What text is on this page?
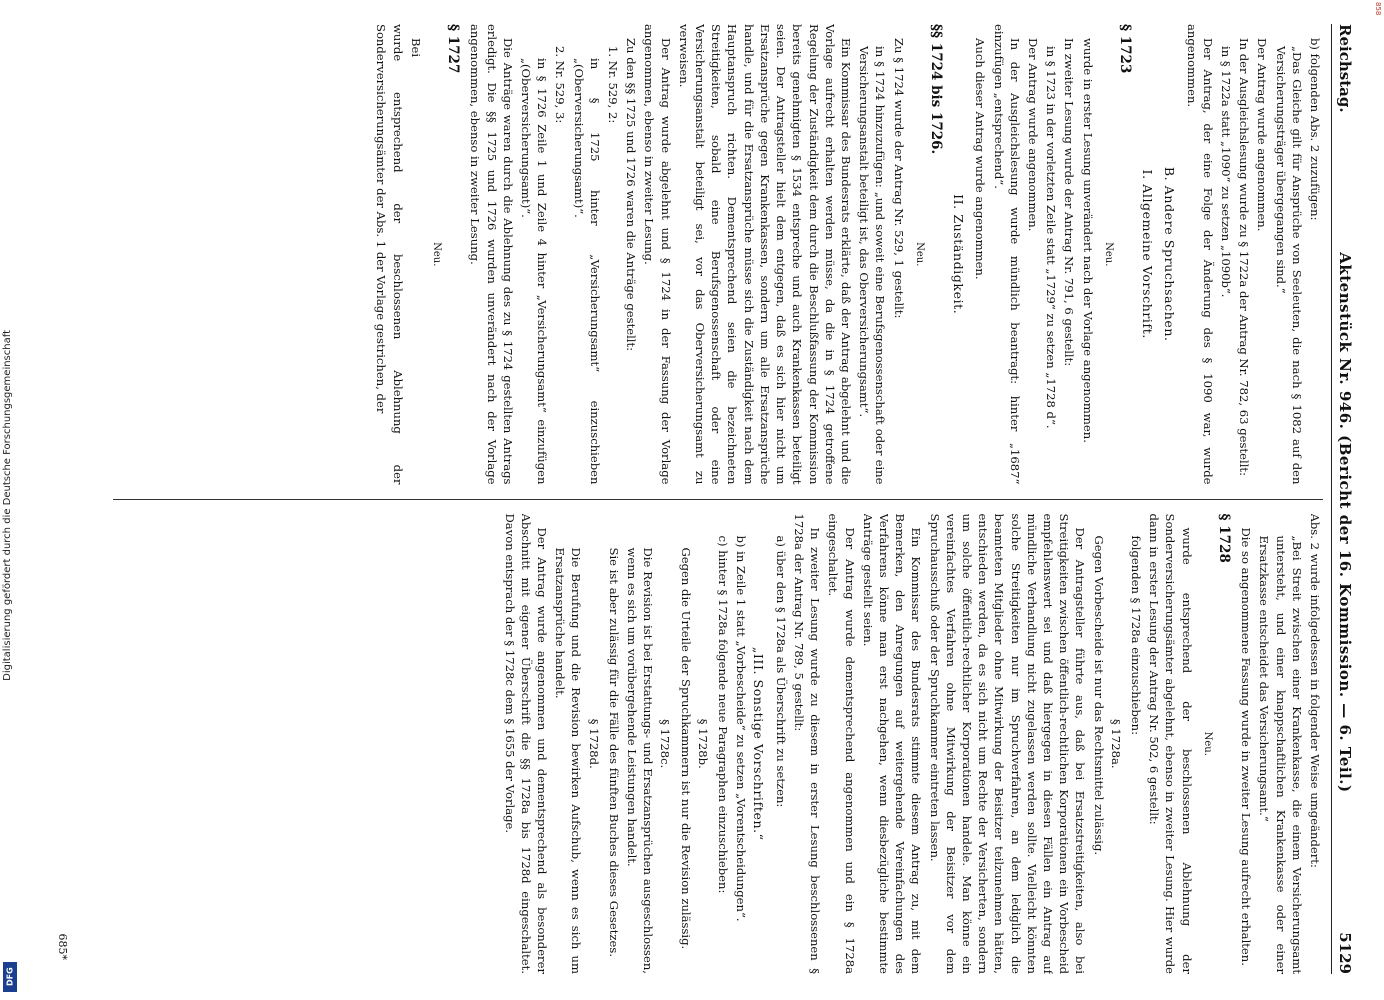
Reichstag.
Aktenstück Nr. 946. (Bericht der 16. Kommission. — 6. Teil.)
5129

b) folgenden Abs. 2 zuzufügen:

„Das Gleiche gilt für Ansprüche von Seeleuten, die nach § 1082 auf den Versicherungsträger übergegangen sind.“

Der Antrag wurde angenommen.

In der Ausgleichslesung wurde zu § 1722a der Antrag Nr. 782, 63 gestellt:

in § 1722a statt „1090“ zu setzen „1090b“.

Der Antrag, der eine Folge der Änderung des § 1090 war, wurde angenommen.

B. Andere Spruchsachen.
I. Allgemeine Vorschrift.
§ 1723
Neu.

wurde in erster Lesung unverändert nach der Vorlage angenommen.

In zweiter Lesung wurde der Antrag Nr. 791, 6 gestellt:

in § 1723 in der vorletzten Zeile statt „1729“ zu setzen „1728 d“.

Der Antrag wurde angenommen.

In der Ausgleichslesung wurde mündlich beantragt: hinter „1687“ einzufügen „entsprechend“.

Auch dieser Antrag wurde angenommen.

II. Zuständigkeit.
§§ 1724 bis 1726.
Neu.

Zu § 1724 wurde der Antrag Nr. 529, 1 gestellt:

in § 1724 hinzuzufügen: „und soweit eine Berufsgenossenschaft oder eine Versicherungsanstalt beteiligt ist, das Oberversicherungsamt“.

Ein Kommissar des Bundesrats erklärte, daß der Antrag abgelehnt und die Vorlage aufrecht erhalten werden müsse, da die in § 1724 getroffene Regelung der Zuständigkeit dem durch die Beschlußfassung der Kommission bereits genehmigten § 1534 entspreche und auch Krankenkassen beteiligt seien. Der Antragsteller hielt dem entgegen, daß es sich hier nicht um Ersatzansprüche gegen Krankenkassen, sondern um alle Ersatzansprüche handle, und für die Ersatzansprüche müsse sich die Zuständigkeit nach dem Hauptanspruch richten. Dementsprechend seien die bezeichneten Streitigkeiten, sobald eine Berufsgenossenschaft oder eine Versicherungsanstalt beteiligt sei, vor das Oberversicherungsamt zu verweisen.

Der Antrag wurde abgelehnt und § 1724 in der Fassung der Vorlage angenommen, ebenso in zweiter Lesung.

Zu den §§ 1725 und 1726 waren die Anträge gestellt:

1. Nr. 529, 2:

in § 1725 hinter „Versicherungsamt“ einzuschieben „(Oberversicherungsamt)“.

2. Nr. 529, 3:

in § 1726 Zeile 1 und Zeile 4 hinter „Versicherungsamt“ einzufügen „(Oberversicherungsamt)“.

Die Anträge waren durch die Ablehnung des zu § 1724 gestellten Antrags erledigt. Die §§ 1725 und 1726 wurden unverändert nach der Vorlage angenommen, ebenso in zweiter Lesung.

§ 1727
Neu.

Bei

wurde entsprechend der beschlossenen Ablehnung der Sonderversicherungsämter der Abs. 1 der Vorlage gestrichen, der

Abs. 2 wurde infolgedessen in folgender Weise umgeändert:

„Bei Streit zwischen einer Krankenkasse, die einem Versicherungsamt untersteht, und einer knappschaftlichen Krankenkasse oder einer Ersatzkasse entscheidet das Versicherungsamt.“

Die so angenommene Fassung wurde in zweiter Lesung aufrecht erhalten.

§ 1728
Neu.

wurde entsprechend der beschlossenen Ablehnung der Sonderversicherungsämter abgelehnt, ebenso in zweiter Lesung. Hier wurde dann in erster Lesung der Antrag Nr. 502, 6 gestellt:

folgenden § 1728a einzuschieben:

§ 1728a.

Gegen Vorbescheide ist nur das Rechtsmittel zulässig.

Der Antragsteller führte aus, daß bei Ersatzstreitigkeiten, also bei Streitigkeiten zwischen öffentlich-rechtlichen Korporationen ein Vorbescheid empfehlenswert sei und daß hiergegen in diesen Fällen ein Antrag auf mündliche Verhandlung nicht zugelassen werden sollte. Vielleicht könnten solche Streitigkeiten nur im Spruchverfahren, an dem lediglich die beamteten Mitglieder ohne Mitwirkung der Beisitzer teilzunehmen hätten, entschieden werden, da es sich nicht um Rechte der Versicherten, sondern um solche öffentlich-rechtlicher Korporationen handele. Man könne ein vereinfachtes Verfahren ohne Mitwirkung der Beisitzer vor dem Spruchausschuß oder der Spruchkammer eintreten lassen.

Ein Kommissar des Bundesrats stimmte diesem Antrag zu, mit dem Bemerken, den Anregungen auf weitergehende Vereinfachungen des Verfahrens könne man erst nachgehen, wenn diesbezügliche bestimmte Anträge gestellt seien.

Der Antrag wurde dementsprechend angenommen und ein § 1728a eingeschaltet.

In zweiter Lesung wurde zu diesem in erster Lesung beschlossenen § 1728a der Antrag Nr. 789, 5 gestellt:

a) über den § 1728a als Überschrift zu setzen:

„III. Sonstige Vorschriften.“

b) in Zeile 1 statt „Vorbescheide“ zu setzen „Vorentscheidungen“.

c) hinter § 1728a folgende neue Paragraphen einzuschieben:

§ 1728b.

Gegen die Urteile der Spruchkammern ist nur die Revision zulässig.

§ 1728c.

Die Revision ist bei Erstattungs- und Ersatzansprüchen ausgeschlossen, wenn es sich um vorübergehende Leistungen handelt.

Sie ist aber zulässig für die Fälle des fünften Buches dieses Gesetzes.

§ 1728d.

Die Berufung und die Revision bewirken Aufschub, wenn es sich um Ersatzansprüche handelt.

Der Antrag wurde angenommen und dementsprechend als besonderer Abschnitt mit eigener Überschrift die §§ 1728a bis 1728d eingeschaltet. Davon entsprach der § 1728c dem § 1655 der Vorlage.

685*
Digitalisierung gefördert durch die Deutsche Forschungsgemeinschaft
DFG
858
